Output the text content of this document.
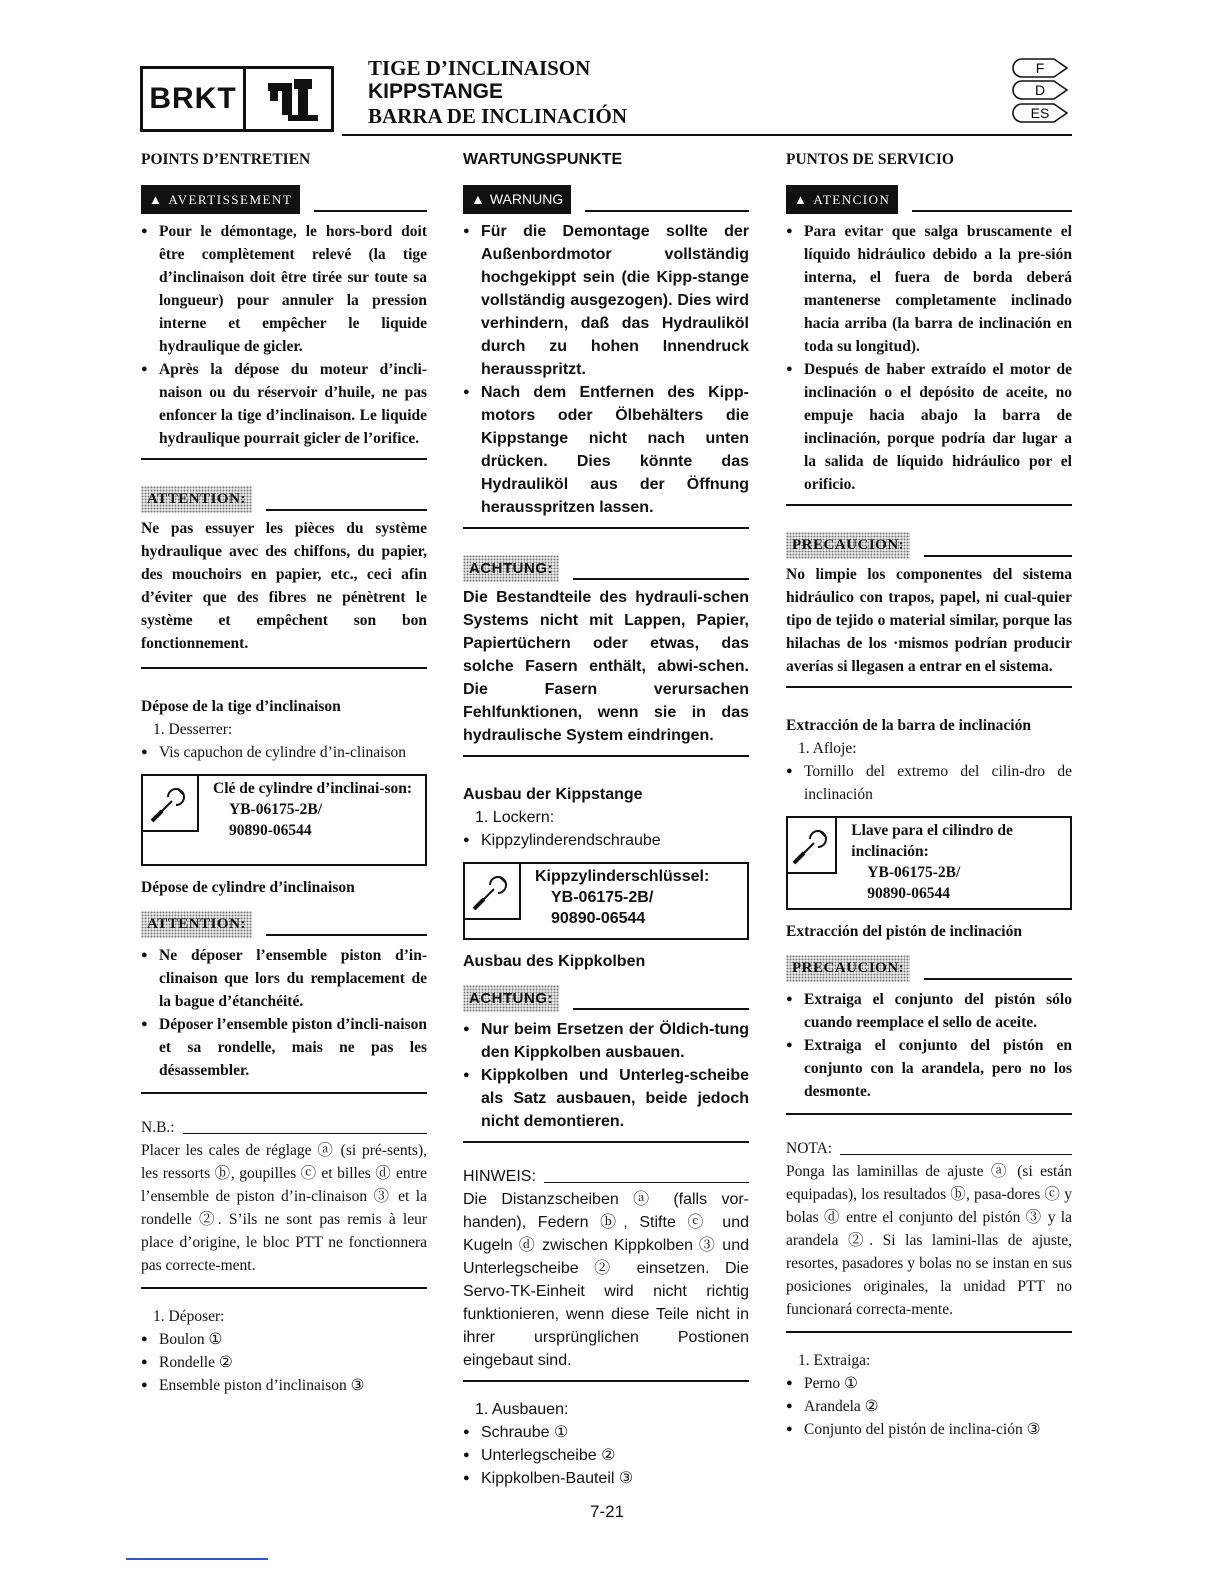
BRKT
TIGE D’INCLINAISON
KIPPSTANGE
BARRA DE INCLINACIÓN
F
D
ES

POINTS D’ENTRETIEN

▲ AVERTISSEMENT
● Pour le démontage, le hors-bord doit être complètement relevé (la tige d’inclinaison doit être tirée sur toute sa longueur) pour annuler la pression interne et empêcher le liquide hydraulique de gicler.
● Après la dépose du moteur d’incli-naison ou du réservoir d’huile, ne pas enfoncer la tige d’inclinaison. Le liquide hydraulique pourrait gicler de l’orifice.
ATTENTION:

Ne pas essuyer les pièces du système hydraulique avec des chiffons, du papier, des mouchoirs en papier, etc., ceci afin d’éviter que des fibres ne pénètrent le système et empêchent son bon fonctionnement.

Dépose de la tige d’inclinaison

1. Desserrer:

● Vis capuchon de cylindre d’in-clinaison
Clé de cylindre d’inclinai-son:
YB-06175-2B/
90890-06544

Dépose de cylindre d’inclinaison

ATTENTION:
● Ne déposer l’ensemble piston d’in-clinaison que lors du remplacement de la bague d’étanchéité.
● Déposer l’ensemble piston d’incli-naison et sa rondelle, mais ne pas les désassembler.
N.B.:

Placer les cales de réglage ⓐ (si pré-sents), les ressorts ⓑ, goupilles ⓒ et billes ⓓ entre l’ensemble de piston d’in-clinaison ③ et la rondelle ②. S’ils ne sont pas remis à leur place d’origine, le bloc PTT ne fonctionnera pas correcte-ment.

1. Déposer:

● Boulon ①
● Rondelle ②
● Ensemble piston d’inclinaison ③

WARTUNGSPUNKTE

▲ WARNUNG
● Für die Demontage sollte der Außenbordmotor vollständig hochgekippt sein (die Kipp-stange vollständig ausgezogen). Dies wird verhindern, daß das Hydrauliköl durch zu hohen Innendruck herausspritzt.
● Nach dem Entfernen des Kipp-motors oder Ölbehälters die Kippstange nicht nach unten drücken. Dies könnte das Hydrauliköl aus der Öffnung herausspritzen lassen.
ACHTUNG:

Die Bestandteile des hydrauli-schen Systems nicht mit Lappen, Papier, Papiertüchern oder etwas, das solche Fasern enthält, abwi-schen. Die Fasern verursachen Fehlfunktionen, wenn sie in das hydraulische System eindringen.

Ausbau der Kippstange

1. Lockern:

● Kippzylinderendschraube
Kippzylinderschlüssel:
YB-06175-2B/
90890-06544

Ausbau des Kippkolben

ACHTUNG:
● Nur beim Ersetzen der Öldich-tung den Kippkolben ausbauen.
● Kippkolben und Unterleg-scheibe als Satz ausbauen, beide jedoch nicht demontieren.
HINWEIS:

Die Distanzscheiben ⓐ (falls vor-handen), Federn ⓑ, Stifte ⓒ und Kugeln ⓓ zwischen Kippkolben ③ und Unterlegscheibe ② einsetzen. Die Servo-TK-Einheit wird nicht richtig funktionieren, wenn diese Teile nicht in ihrer ursprünglichen Postionen eingebaut sind.

1. Ausbauen:

● Schraube ①
● Unterlegscheibe ②
● Kippkolben-Bauteil ③

PUNTOS DE SERVICIO

▲ ATENCION
● Para evitar que salga bruscamente el líquido hidráulico debido a la pre-sión interna, el fuera de borda deberá mantenerse completamente inclinado hacia arriba (la barra de inclinación en toda su longitud).
● Después de haber extraído el motor de inclinación o el depósito de aceite, no empuje hacia abajo la barra de inclinación, porque podría dar lugar a la salida de líquido hidráulico por el orificio.
PRECAUCION:

No limpie los componentes del sistema hidráulico con trapos, papel, ni cual-quier tipo de tejido o material similar, porque las hilachas de los ·mismos podrían producir averías si llegasen a entrar en el sistema.

Extracción de la barra de inclinación

1. Afloje:

● Tornillo del extremo del cilin-dro de inclinación
Llave para el cilindro de inclinación:
YB-06175-2B/
90890-06544

Extracción del pistón de inclinación

PRECAUCION:
● Extraiga el conjunto del pistón sólo cuando reemplace el sello de aceite.
● Extraiga el conjunto del pistón en conjunto con la arandela, pero no los desmonte.
NOTA:

Ponga las laminillas de ajuste ⓐ (si están equipadas), los resultados ⓑ, pasa-dores ⓒ y bolas ⓓ entre el conjunto del pistón ③ y la arandela ②. Si las lamini-llas de ajuste, resortes, pasadores y bolas no se instan en sus posiciones originales, la unidad PTT no funcionará correcta-mente.

1. Extraiga:

● Perno ①
● Arandela ②
● Conjunto del pistón de inclina-ción ③
7-21
